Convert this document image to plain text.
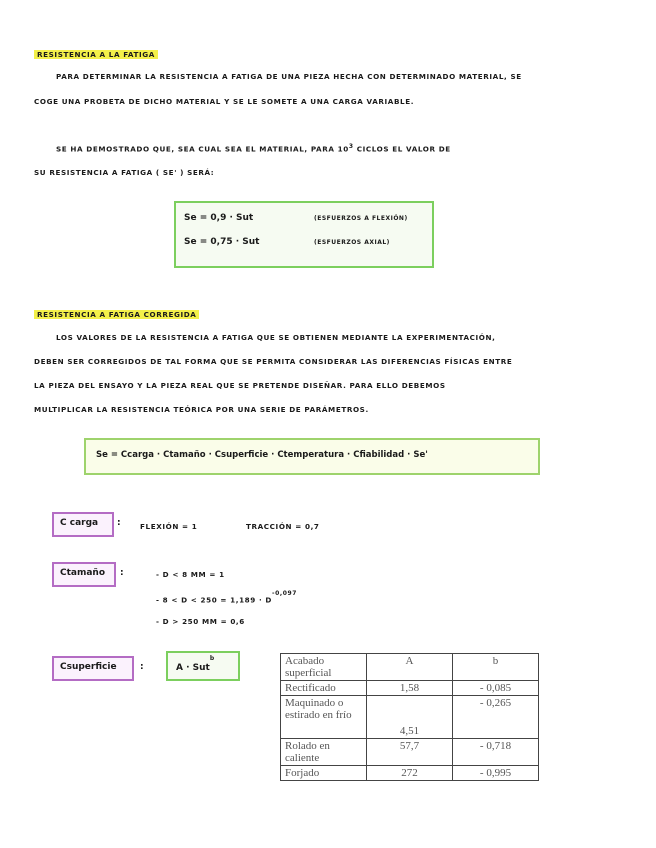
RESISTENCIA A LA FATIGA
PARA DETERMINAR LA RESISTENCIA A FATIGA DE UNA PIEZA HECHA CON DETERMINADO MATERIAL, SE
COGE UNA PROBETA DE DICHO MATERIAL Y SE LE SOMETE A UNA CARGA VARIABLE.
SE HA DEMOSTRADO QUE, SEA CUAL SEA EL MATERIAL, PARA $10^3$ CICLOS EL VALOR DE
SU RESISTENCIA A FATIGA ( SE' ) SERÁ:
Se = 0,9 · Sut	(ESFUERZOS A FLEXIÓN)
Se = 0,75 · Sut	(ESFUERZOS AXIAL)
RESISTENCIA A FATIGA CORREGIDA
LOS VALORES DE LA RESISTENCIA A FATIGA QUE SE OBTIENEN MEDIANTE LA EXPERIMENTACIÓN,
DEBEN SER CORREGIDOS DE TAL FORMA QUE SE PERMITA CONSIDERAR LAS DIFERENCIAS FÍSICAS ENTRE
LA PIEZA DEL ENSAYO Y LA PIEZA REAL QUE SE PRETENDE DISEÑAR. PARA ELLO DEBEMOS
MULTIPLICAR LA RESISTENCIA TEÓRICA POR UNA SERIE DE PARÁMETROS.
Se = Ccarga · Ctamaño · Csuperficie · Ctemperatura · Cfiabilidad · Se'
C carga :	FLEXIÓN = 1	TRACCIÓN = 0,7
Ctamaño :	- D < 8 MM = 1
- $8 < D < 250 = 1,189 \cdot D^{-0,097}$
- D > 250 MM = 0,6
Csuperficie	:	A · Sut$^b$	Acabado superficial	A	b
Rectificado	1,58	- 0,085
Maquinado o estirado en frío	4,51	- 0,265
Rolado en caliente	57,7	- 0,718
Forjado	272	- 0,995
